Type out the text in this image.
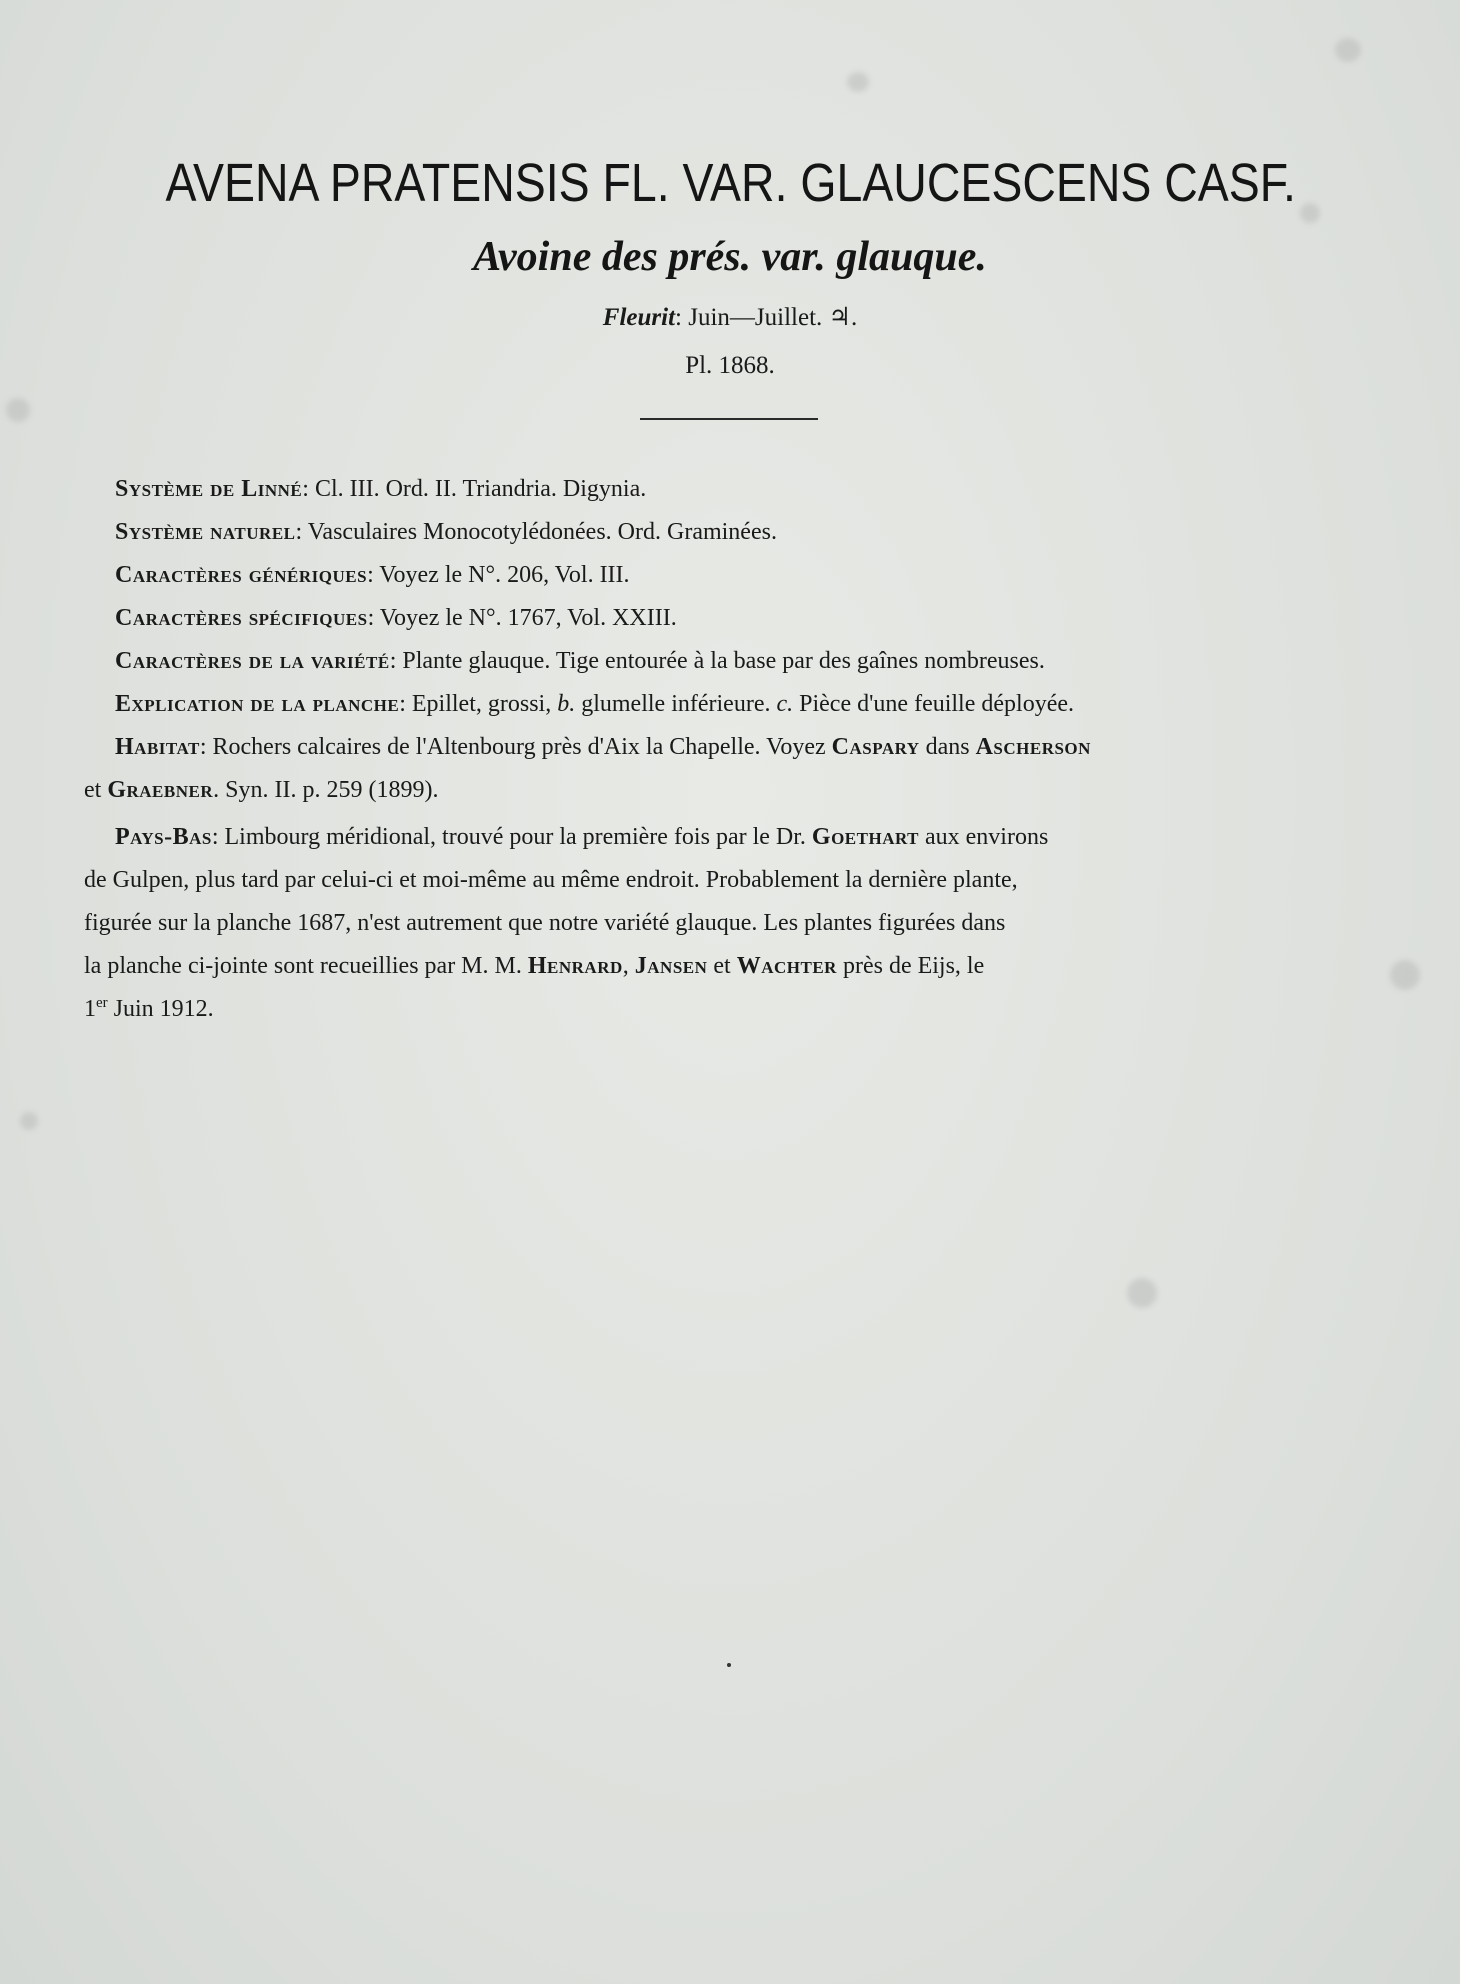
AVENA PRATENSIS FL. VAR. GLAUCESCENS CASF.
Avoine des prés. var. glauque.
Fleurit: Juin—Juillet. ♃.
Pl. 1868.

Système de Linné: Cl. III. Ord. II. Triandria. Digynia.

Système naturel: Vasculaires Monocotylédonées. Ord. Graminées.

Caractères génériques: Voyez le N°. 206, Vol. III.

Caractères spécifiques: Voyez le N°. 1767, Vol. XXIII.

Caractères de la variété: Plante glauque. Tige entourée à la base par des gaînes nombreuses.

Explication de la planche: Epillet, grossi, b. glumelle inférieure. c. Pièce d'une feuille déployée.

Habitat: Rochers calcaires de l'Altenbourg près d'Aix la Chapelle. Voyez Caspary dans Ascherson
et Graebner. Syn. II. p. 259 (1899).
Pays-Bas: Limbourg méridional, trouvé pour la première fois par le Dr. Goethart aux environs
de Gulpen, plus tard par celui-ci et moi-même au même endroit. Probablement la dernière plante,
figurée sur la planche 1687, n'est autrement que notre variété glauque. Les plantes figurées dans
la planche ci-jointe sont recueillies par M. M. Henrard, Jansen et Wachter près de Eijs, le
1er Juin 1912.
